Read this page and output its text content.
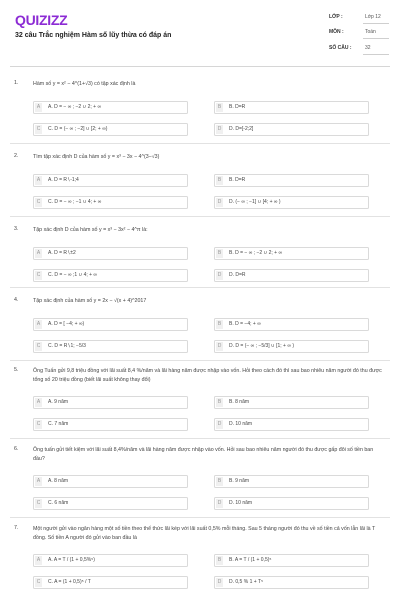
QUIZIZZ
32 câu Trắc nghiệm Hàm số lũy thừa có đáp án
LỚP :	Lớp 12
MÔN :	Toán
SỐ CÂU :	32
1.	Hàm số y = x² − 4^(1+√3) có tập xác định là
A	A. D = − ∞ ; −2 ∪ 2; + ∞	B	B. D=R
C	C. D = (− ∞ ; −2] ∪ [2; + ∞)	D	D. D=[-2;2]
2.	Tìm tập xác định D của hàm số y = x³ − 3x − 4^(3−√3)
A	A. D = R∖-1;4	B	B. D=R
C	C. D = − ∞ ; −1 ∪ 4; + ∞	D	D. (− ∞ ; −1] ∪ [4; + ∞ )
3.	Tập xác định D của hàm số y = x³ − 3x² − 4^π là:
A	A. D = R∖±2	B	B. D = − ∞ ; −2 ∪ 2; + ∞
C	C. D = − ∞ ;1 ∪ 4; + ∞	D	D. D=R
4.	Tập xác định của hàm số y = 2x − √(x + 4)^2017
A	A. D = [ −4; + ∞)	B	B. D = −4; + ∞
C	C. D = R∖1; −5/3	D	D. D = (− ∞ ; −5/3] ∪ [1; + ∞ )
5.	Ông Tuấn gửi 9,8 triệu đồng với lãi suất 8,4 %/năm và lãi hàng năm được nhập vào vốn. Hỏi theo cách đó thì sau bao nhiêu năm người đó thu được tổng số 20 triệu đồng (biết lãi suất không thay đổi)
A	A. 9 năm	B	B. 8 năm
C	C. 7 năm	D	D. 10 năm
6.	Ông tuấn gửi tiết kiệm với lãi suất 8,4%/năm và lãi hàng năm được nhập vào vốn. Hỏi sau bao nhiêu năm người đó thu được gấp đôi số tiền ban đầu?
A	A. 8 năm	B	B. 9 năm
C	C. 6 năm	D	D. 10 năm
7.	Một người gửi vào ngân hàng một số tiền theo thể thức lãi kép với lãi suất 0,5% mỗi tháng. Sau 5 tháng người đó thu về số tiền cả vốn lẫn lãi là T đồng. Số tiền A người đó gửi vào ban đầu là
A	A. A = T / (1 + 0,5%⁵)	B	B. A = T / (1 + 0,5)⁵
C	C. A = (1 + 0,5)⁵ / T	D	D. 0,5 % 1 + T⁵
